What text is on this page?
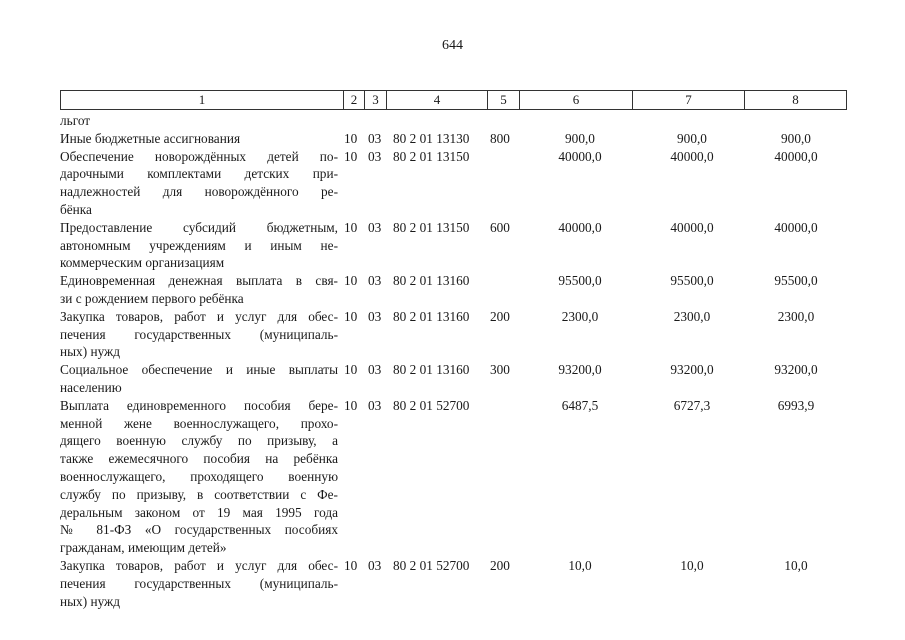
644
1	2	3	4	5	6	7	8
льгот
Иные бюджетные ассигнования	10 03 80 2 01 13130 800	900,0	900,0	900,0
Обеспечение новорождённых детей по-
дарочными комплектами детских при-
надлежностей для новорождённого ре-
бёнка
10 03 80 2 01 13150	40000,0	40000,0	40000,0
Предоставление субсидий бюджетным,
автономным учреждениям и иным не-
коммерческим организациям
10 03 80 2 01 13150 600	40000,0	40000,0	40000,0
Единовременная денежная выплата в свя-
зи с рождением первого ребёнка
10 03 80 2 01 13160	95500,0	95500,0	95500,0
Закупка товаров, работ и услуг для обес-
печения государственных (муниципаль-
ных) нужд
10 03 80 2 01 13160 200	2300,0	2300,0	2300,0
Социальное обеспечение и иные выплаты
населению
10 03 80 2 01 13160 300	93200,0	93200,0	93200,0
Выплата единовременного пособия бере-
менной жене военнослужащего, прохо-
дящего военную службу по призыву, а
также ежемесячного пособия на ребёнка
военнослужащего, проходящего военную
службу по призыву, в соответствии с Фе-
деральным законом от 19 мая 1995 года
№ 81-ФЗ «О государственных пособиях
гражданам, имеющим детей»
10 03 80 2 01 52700	6487,5	6727,3	6993,9
Закупка товаров, работ и услуг для обес-
печения государственных (муниципаль-
ных) нужд
10 03 80 2 01 52700 200	10,0	10,0	10,0
